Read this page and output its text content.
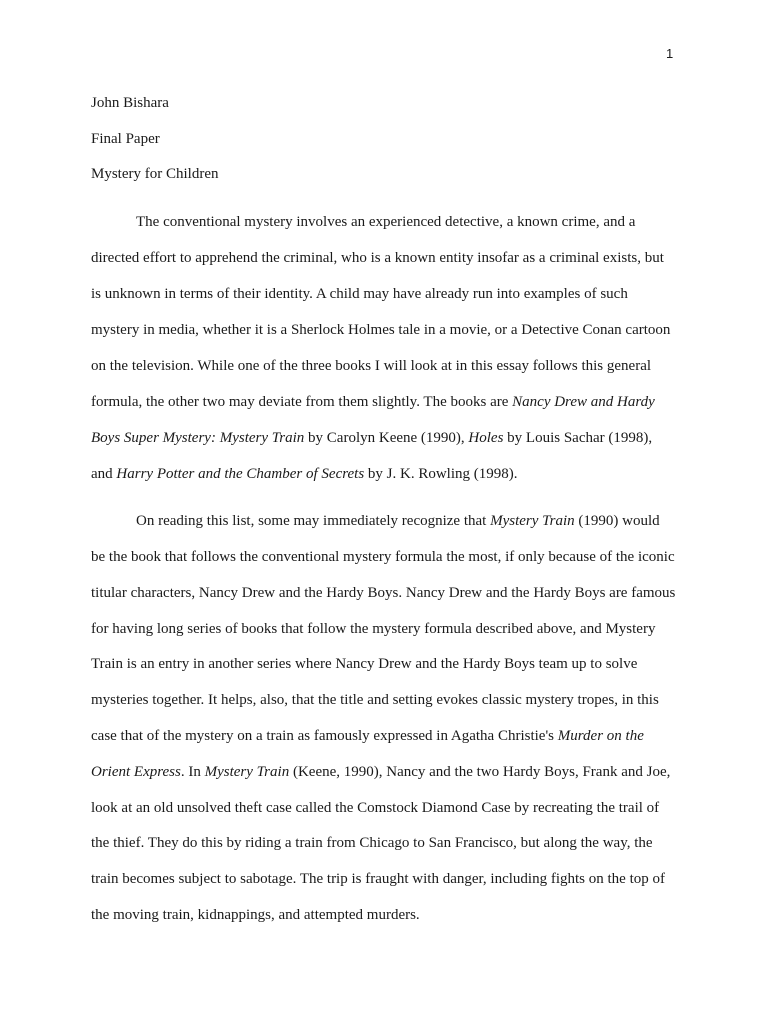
1
John Bishara
Final Paper
Mystery for Children
The conventional mystery involves an experienced detective, a known crime, and a
directed effort to apprehend the criminal, who is a known entity insofar as a criminal exists, but
is unknown in terms of their identity. A child may have already run into examples of such
mystery in media, whether it is a Sherlock Holmes tale in a movie, or a Detective Conan cartoon
on the television. While one of the three books I will look at in this essay follows this general
formula, the other two may deviate from them slightly. The books are Nancy Drew and Hardy
Boys Super Mystery: Mystery Train by Carolyn Keene (1990), Holes by Louis Sachar (1998),
and Harry Potter and the Chamber of Secrets by J. K. Rowling (1998).
On reading this list, some may immediately recognize that Mystery Train (1990) would
be the book that follows the conventional mystery formula the most, if only because of the iconic
titular characters, Nancy Drew and the Hardy Boys. Nancy Drew and the Hardy Boys are famous
for having long series of books that follow the mystery formula described above, and Mystery
Train is an entry in another series where Nancy Drew and the Hardy Boys team up to solve
mysteries together. It helps, also, that the title and setting evokes classic mystery tropes, in this
case that of the mystery on a train as famously expressed in Agatha Christie's Murder on the
Orient Express. In Mystery Train (Keene, 1990), Nancy and the two Hardy Boys, Frank and Joe,
look at an old unsolved theft case called the Comstock Diamond Case by recreating the trail of
the thief. They do this by riding a train from Chicago to San Francisco, but along the way, the
train becomes subject to sabotage. The trip is fraught with danger, including fights on the top of
the moving train, kidnappings, and attempted murders.
